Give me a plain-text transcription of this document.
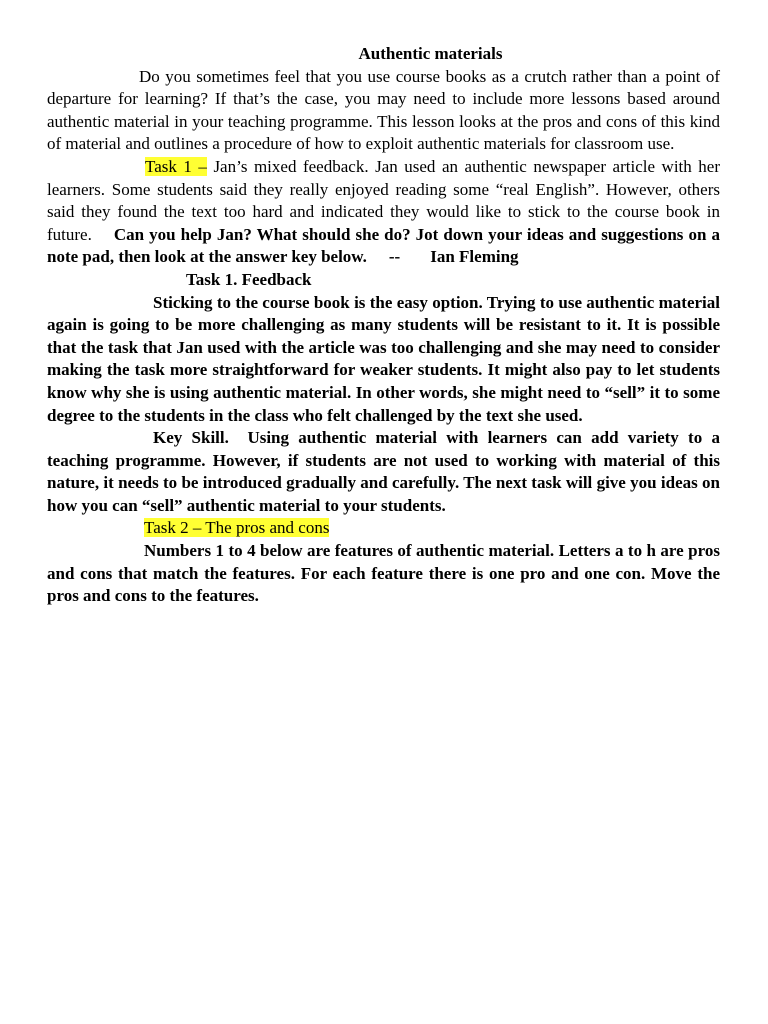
Authentic materials

Do you sometimes feel that you use course books as a crutch rather than a point of departure for learning? If that’s the case, you may need to include more lessons based around authentic material in your teaching programme. This lesson looks at the pros and cons of this kind of material and outlines a procedure of how to exploit authentic materials for classroom use.

Task 1 – Jan’s mixed feedback. Jan used an authentic newspaper article with her learners. Some students said they really enjoyed reading some “real English”. However, others said they found the text too hard and indicated they would like to stick to the course book in future. Can you help Jan? What should she do? Jot down your ideas and suggestions on a note pad, then look at the answer key below. -- Ian Fleming

Task 1. Feedback

Sticking to the course book is the easy option. Trying to use authentic material again is going to be more challenging as many students will be resistant to it. It is possible that the task that Jan used with the article was too challenging and she may need to consider making the task more straightforward for weaker students. It might also pay to let students know why she is using authentic material. In other words, she might need to “sell” it to some degree to the students in the class who felt challenged by the text she used.

Key Skill. Using authentic material with learners can add variety to a teaching programme. However, if students are not used to working with material of this nature, it needs to be introduced gradually and carefully. The next task will give you ideas on how you can “sell” authentic material to your students.

Task 2 – The pros and cons

Numbers 1 to 4 below are features of authentic material. Letters a to h are pros and cons that match the features. For each feature there is one pro and one con. Move the pros and cons to the features.
